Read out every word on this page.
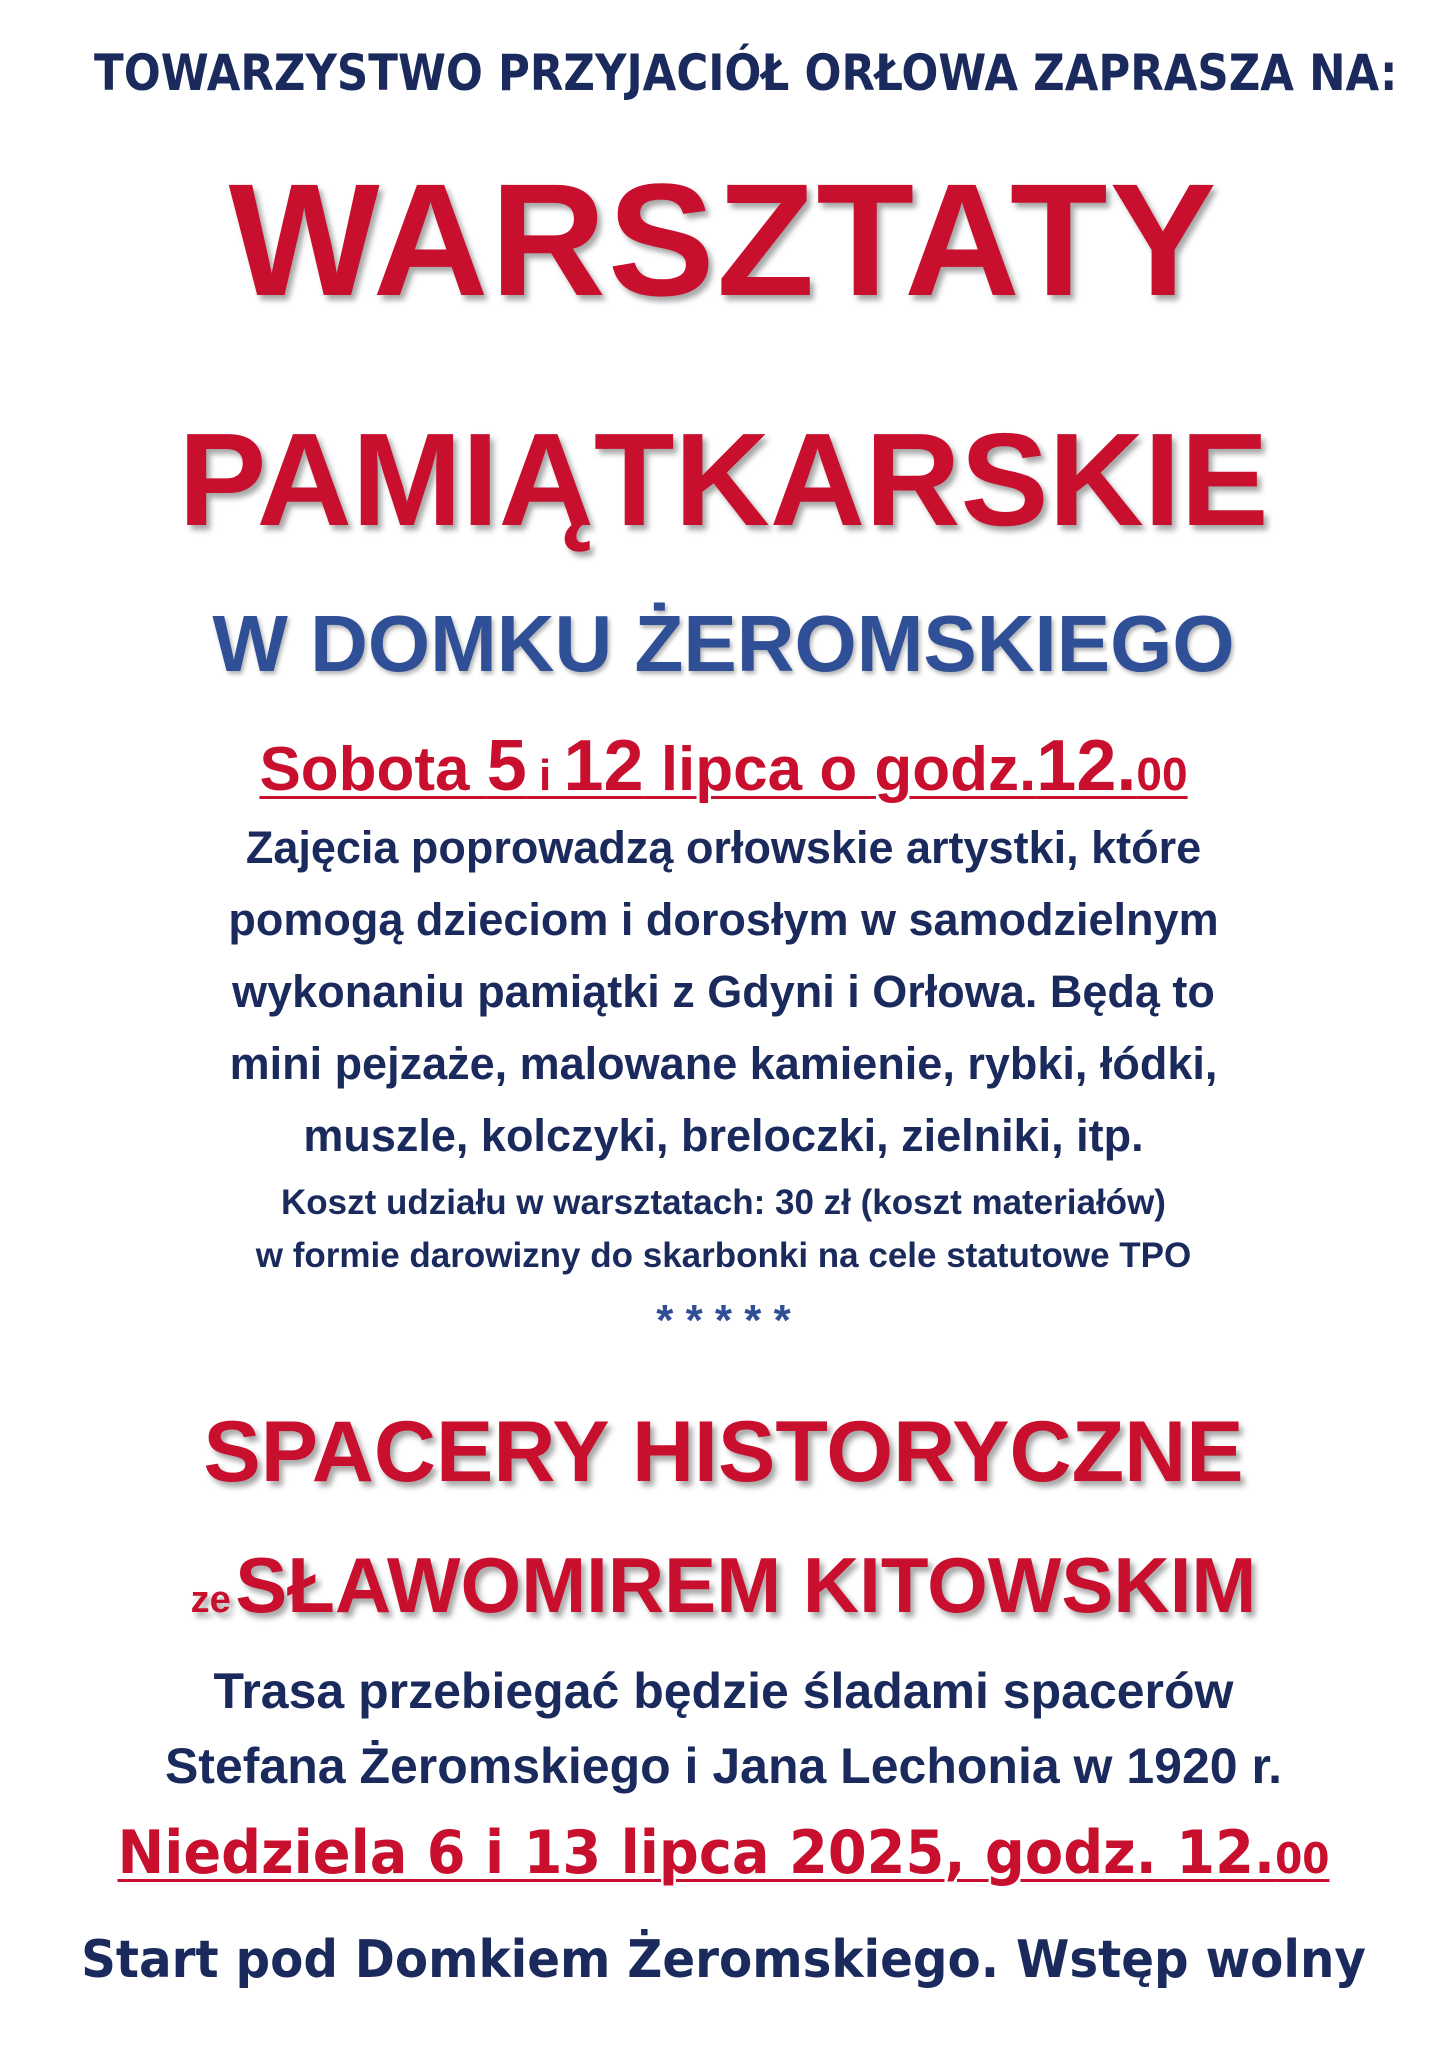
TOWARZYSTWO PRZYJACIÓŁ ORŁOWA ZAPRASZA NA:
WARSZTATY
PAMIĄTKARSKIE
W DOMKU ŻEROMSKIEGO
Sobota 5 i 12 lipca o godz.12.00
Zajęcia poprowadzą orłowskie artystki, które
pomogą dzieciom i dorosłym w samodzielnym
wykonaniu pamiątki z Gdyni i Orłowa. Będą to
mini pejzaże, malowane kamienie, rybki, łódki,
muszle, kolczyki, breloczki, zielniki, itp.
Koszt udziału w warsztatach: 30 zł (koszt materiałów)
w formie darowizny do skarbonki na cele statutowe TPO
* * * * *
SPACERY HISTORYCZNE
ze SŁAWOMIREM KITOWSKIM
Trasa przebiegać będzie śladami spacerów
Stefana Żeromskiego i Jana Lechonia w 1920 r.
Niedziela 6 i 13 lipca 2025, godz. 12.00
Start pod Domkiem Żeromskiego. Wstęp wolny
